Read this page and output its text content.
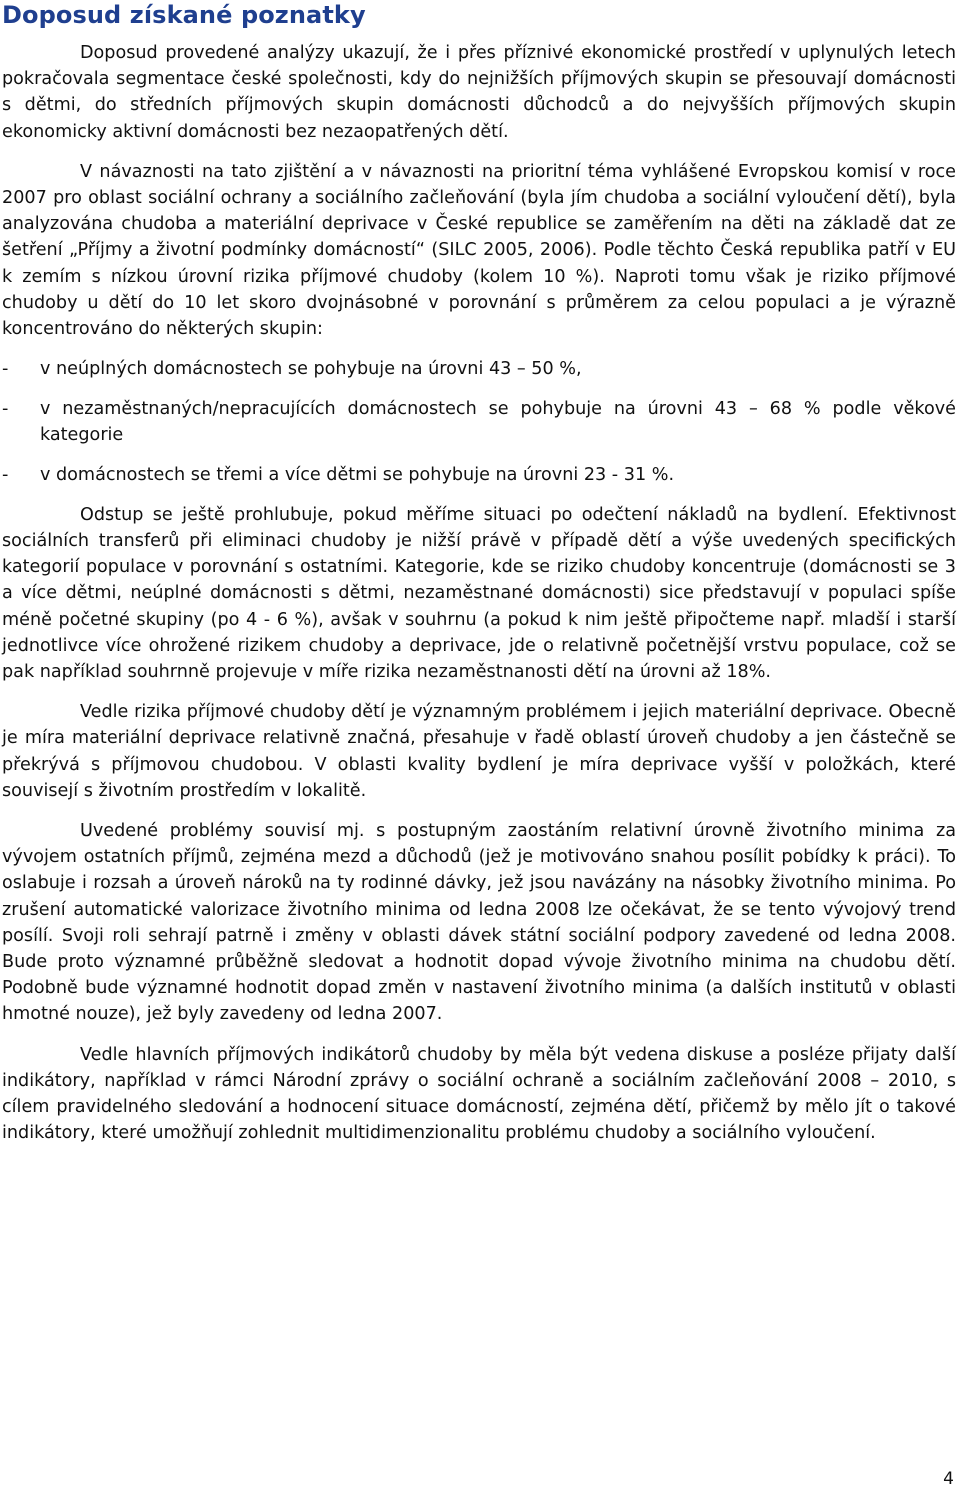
Doposud získané poznatky

Doposud provedené analýzy ukazují, že i přes příznivé ekonomické prostředí v uplynulých letech pokračovala segmentace české společnosti, kdy do nejnižších příjmových skupin se přesouvají domácnosti s dětmi, do středních příjmových skupin domácnosti důchodců a do nejvyšších příjmových skupin ekonomicky aktivní domácnosti bez nezaopatřených dětí.

V návaznosti na tato zjištění a v návaznosti na prioritní téma vyhlášené Evropskou komisí v roce 2007 pro oblast sociální ochrany a sociálního začleňování (byla jím chudoba a sociální vyloučení dětí), byla analyzována chudoba a materiální deprivace v České republice se zaměřením na děti na základě dat ze šetření „Příjmy a životní podmínky domácností“ (SILC 2005, 2006). Podle těchto Česká republika patří v EU k zemím s nízkou úrovní rizika příjmové chudoby (kolem 10 %). Naproti tomu však je riziko příjmové chudoby u dětí do 10 let skoro dvojnásobné v porovnání s průměrem za celou populaci a je výrazně koncentrováno do některých skupin:

-	v neúplných domácnostech se pohybuje na úrovni 43 – 50 %,
-	v nezaměstnaných/nepracujících domácnostech se pohybuje na úrovni 43 – 68 % podle věkové kategorie
-	v domácnostech se třemi a více dětmi se pohybuje na úrovni 23 - 31 %.

Odstup se ještě prohlubuje, pokud měříme situaci po odečtení nákladů na bydlení. Efektivnost sociálních transferů při eliminaci chudoby je nižší právě v případě dětí a výše uvedených specifických kategorií populace v porovnání s ostatními. Kategorie, kde se riziko chudoby koncentruje (domácnosti se 3 a více dětmi, neúplné domácnosti s dětmi, nezaměstnané domácnosti) sice představují v populaci spíše méně početné skupiny (po 4 - 6 %), avšak v souhrnu (a pokud k nim ještě připočteme např. mladší i starší jednotlivce více ohrožené rizikem chudoby a deprivace, jde o relativně početnější vrstvu populace, což se pak například souhrnně projevuje v míře rizika nezaměstnanosti dětí na úrovni až 18%.

Vedle rizika příjmové chudoby dětí je významným problémem i jejich materiální deprivace. Obecně je míra materiální deprivace relativně značná, přesahuje v řadě oblastí úroveň chudoby a jen částečně se překrývá s příjmovou chudobou. V oblasti kvality bydlení je míra deprivace vyšší v položkách, které souvisejí s životním prostředím v lokalitě.

Uvedené problémy souvisí mj. s postupným zaostáním relativní úrovně životního minima za vývojem ostatních příjmů, zejména mezd a důchodů (jež je motivováno snahou posílit pobídky k práci). To oslabuje i rozsah a úroveň nároků na ty rodinné dávky, jež jsou navázány na násobky životního minima. Po zrušení automatické valorizace životního minima od ledna 2008 lze očekávat, že se tento vývojový trend posílí. Svoji roli sehrají patrně i změny v oblasti dávek státní sociální podpory zavedené od ledna 2008. Bude proto významné průběžně sledovat a hodnotit dopad vývoje životního minima na chudobu dětí. Podobně bude významné hodnotit dopad změn v nastavení životního minima (a dalších institutů v oblasti hmotné nouze), jež byly zavedeny od ledna 2007.

Vedle hlavních příjmových indikátorů chudoby by měla být vedena diskuse a posléze přijaty další indikátory, například v rámci Národní zprávy o sociální ochraně a sociálním začleňování 2008 – 2010, s cílem pravidelného sledování a hodnocení situace domácností, zejména dětí, přičemž by mělo jít o takové indikátory, které umožňují zohlednit multidimenzionalitu problému chudoby a sociálního vyloučení.

4
